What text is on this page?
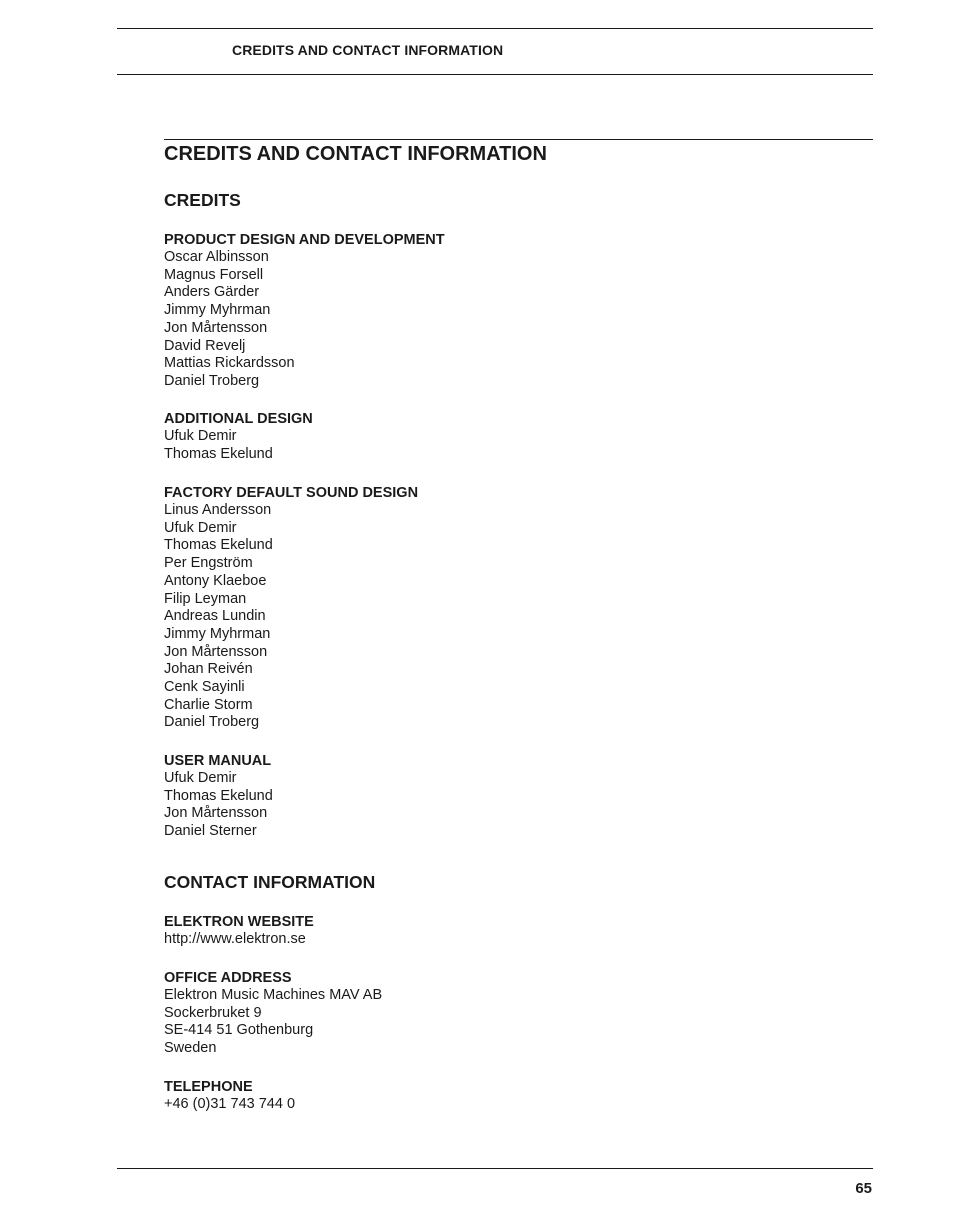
CREDITS AND CONTACT INFORMATION
CREDITS AND CONTACT INFORMATION
CREDITS
PRODUCT DESIGN AND DEVELOPMENT
Oscar Albinsson
Magnus Forsell
Anders Gärder
Jimmy Myhrman
Jon Mårtensson
David Revelj
Mattias Rickardsson
Daniel Troberg
ADDITIONAL DESIGN
Ufuk Demir
Thomas Ekelund
FACTORY DEFAULT SOUND DESIGN
Linus Andersson
Ufuk Demir
Thomas Ekelund
Per Engström
Antony Klaeboe
Filip Leyman
Andreas Lundin
Jimmy Myhrman
Jon Mårtensson
Johan Reivén
Cenk Sayinli
Charlie Storm
Daniel Troberg
USER MANUAL
Ufuk Demir
Thomas Ekelund
Jon Mårtensson
Daniel Sterner
CONTACT INFORMATION
ELEKTRON WEBSITE
http://www.elektron.se
OFFICE ADDRESS
Elektron Music Machines MAV AB
Sockerbruket 9
SE-414 51 Gothenburg
Sweden
TELEPHONE
+46 (0)31 743 744 0
65
